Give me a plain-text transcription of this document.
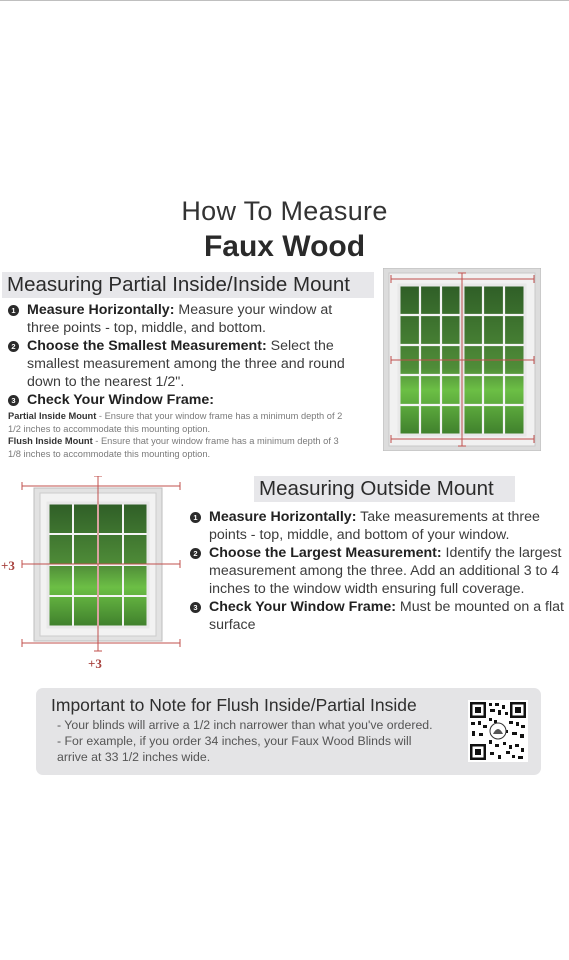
How To Measure
Faux Wood
Measuring Partial Inside/Inside Mount
1 Measure Horizontally: Measure your window at three points - top, middle, and bottom.
2 Choose the Smallest Measurement: Select the smallest measurement among the three and round down to the nearest 1/2".
3 Check Your Window Frame:
Partial Inside Mount - Ensure that your window frame has a minimum depth of 2 1/2 inches to accommodate this mounting option.
Flush Inside Mount - Ensure that your window frame has a minimum depth of 3 1/8 inches to accommodate this mounting option.
Measuring Outside Mount
+3
+3
1 Measure Horizontally: Take measurements at three points - top, middle, and bottom of your window.
2 Choose the Largest Measurement: Identify the largest measurement among the three. Add an additional 3 to 4 inches to the window width ensuring full coverage.
3 Check Your Window Frame: Must be mounted on a flat surface
Important to Note for Flush Inside/Partial Inside
- Your blinds will arrive a 1/2 inch narrower than what you've ordered.
- For example, if you order 34 inches, your Faux Wood Blinds will
arrive at 33 1/2 inches wide.
